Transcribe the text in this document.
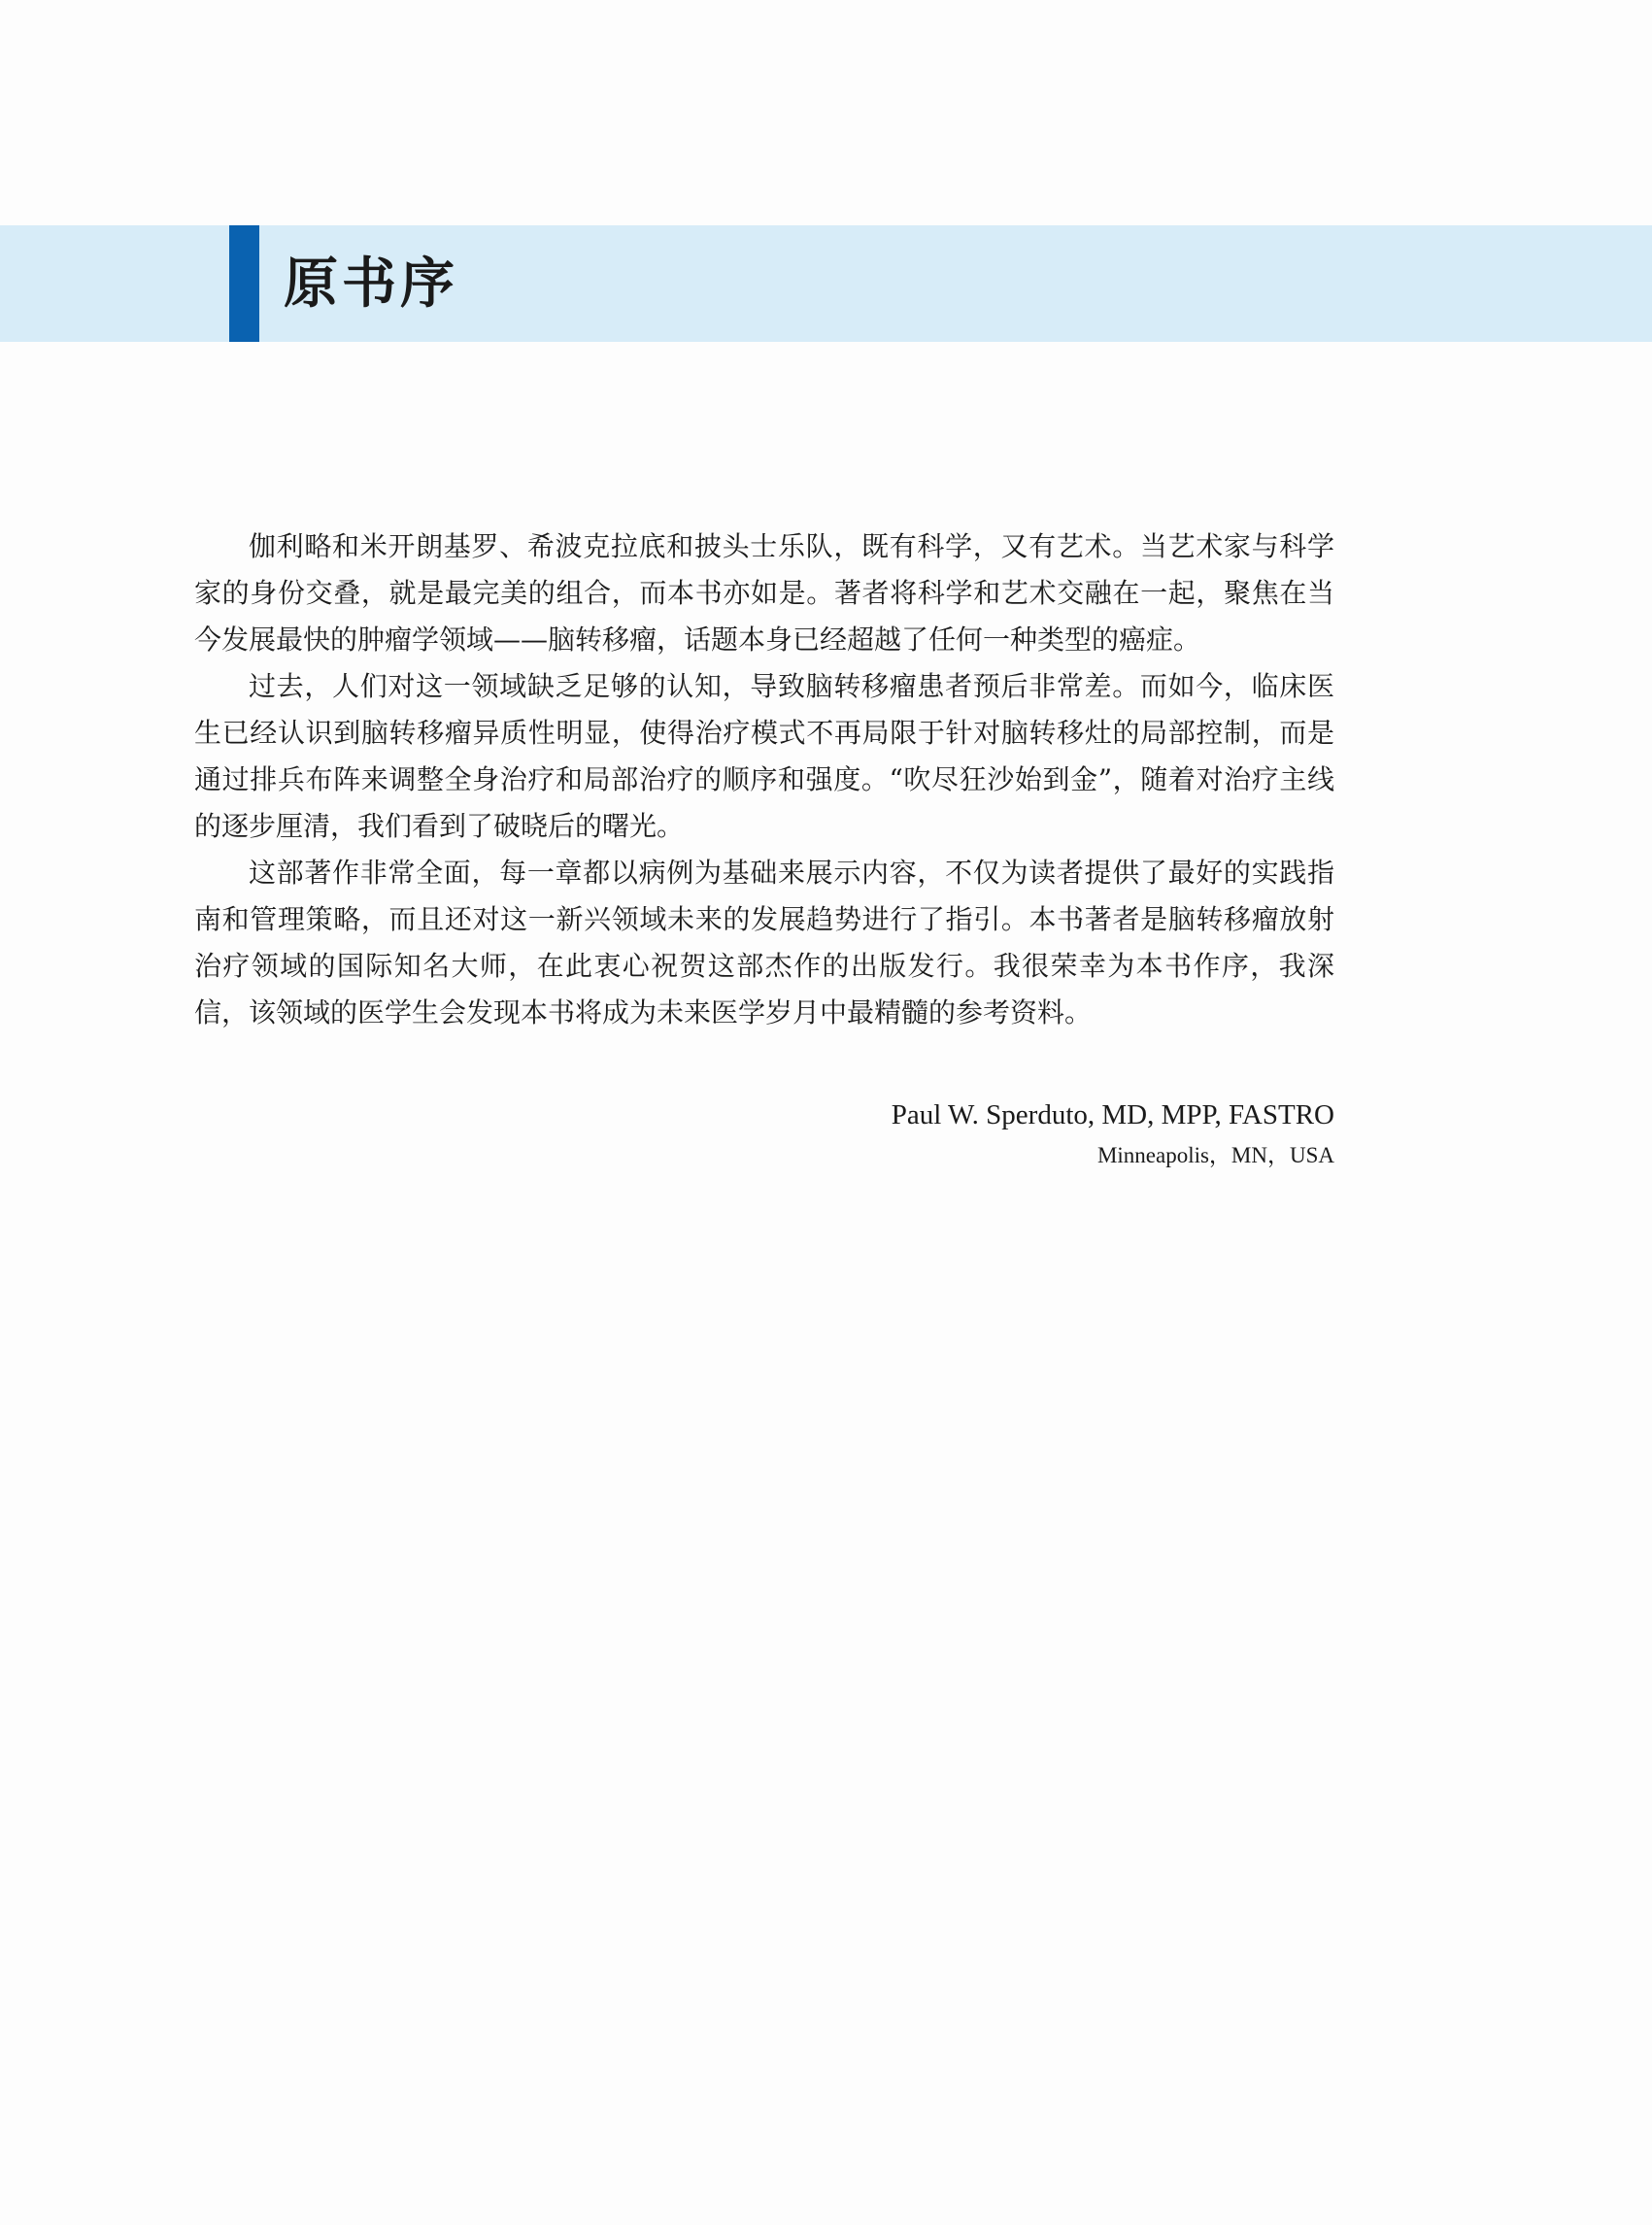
原书序

伽利略和米开朗基罗、希波克拉底和披头士乐队，既有科学，又有艺术。当艺术家与科学家的身份交叠，就是最完美的组合，而本书亦如是。著者将科学和艺术交融在一起，聚焦在当今发展最快的肿瘤学领域——脑转移瘤，话题本身已经超越了任何一种类型的癌症。

过去，人们对这一领域缺乏足够的认知，导致脑转移瘤患者预后非常差。而如今，临床医生已经认识到脑转移瘤异质性明显，使得治疗模式不再局限于针对脑转移灶的局部控制，而是通过排兵布阵来调整全身治疗和局部治疗的顺序和强度。“吹尽狂沙始到金”，随着对治疗主线的逐步厘清，我们看到了破晓后的曙光。

这部著作非常全面，每一章都以病例为基础来展示内容，不仅为读者提供了最好的实践指南和管理策略，而且还对这一新兴领域未来的发展趋势进行了指引。本书著者是脑转移瘤放射治疗领域的国际知名大师，在此衷心祝贺这部杰作的出版发行。我很荣幸为本书作序，我深信，该领域的医学生会发现本书将成为未来医学岁月中最精髓的参考资料。

Paul W. Sperduto, MD, MPP, FASTRO
Minneapolis，MN，USA
